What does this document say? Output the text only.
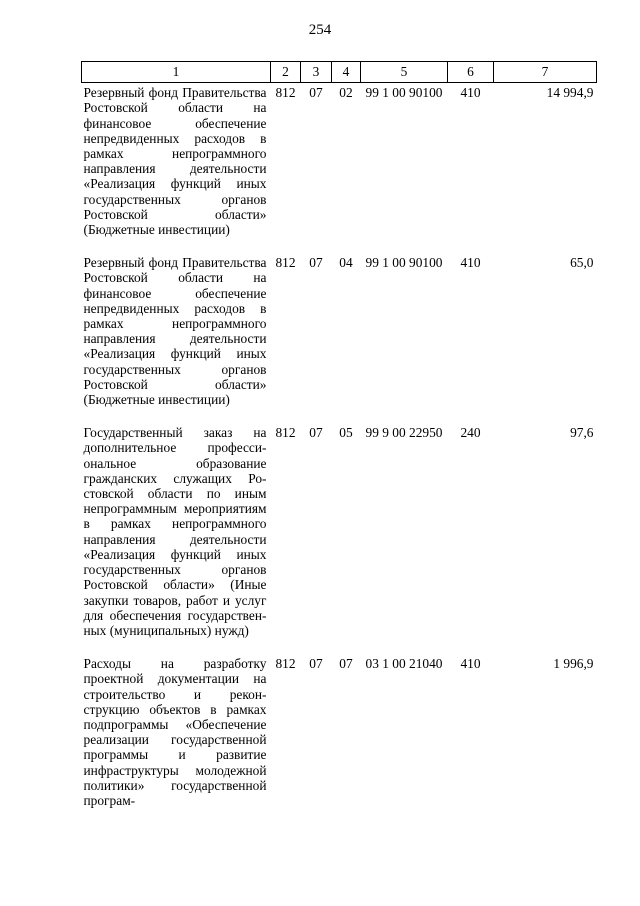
254
1	2	3	4	5	6	7
Резервный фонд Правительства Ростовской области на финансовое обеспечение непредвиденных расходов в рамках непрограммного направления деятельности «Реализация функций иных государственных органов Ростовской области» (Бюджетные инвестиции)	812	07	02	99 1 00 90100	410	14 994,9
Резервный фонд Правительства Ростовской области на финансовое обеспечение непредвиденных расходов в рамках непрограммного направления деятельности «Реализация функций иных государственных органов Ростовской области» (Бюджетные инвестиции)	812	07	04	99 1 00 90100	410	65,0
Государственный заказ на дополнительное профессиональное образование гражданских служащих Ростовской области по иным непрограммным мероприятиям в рамках непрограммного направления деятельности «Реализация функций иных государственных органов Ростовской области» (Иные закупки товаров, работ и услуг для обеспечения государственных (муниципальных) нужд)	812	07	05	99 9 00 22950	240	97,6
Расходы на разработку проектной документации на строительство и реконструкцию объектов в рамках подпрограммы «Обеспечение реализации государственной программы и развитие инфраструктуры молодежной политики» государственной програм-	812	07	07	03 1 00 21040	410	1 996,9
